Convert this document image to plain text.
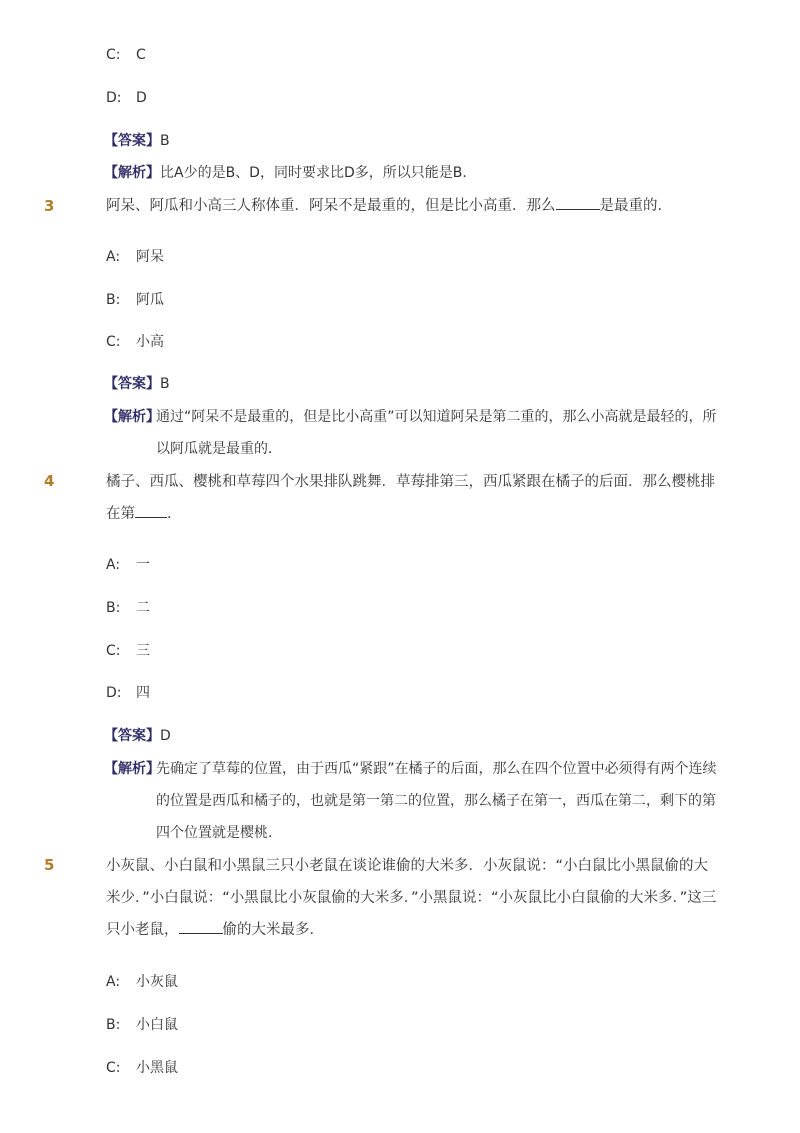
C: C
D: D
【答案】B
【解析】比A少的是B、D，同时要求比D多，所以只能是B．
3	阿呆、阿瓜和小高三人称体重．阿呆不是最重的，但是比小高重．那么	是最重的．
A: 阿呆
B: 阿瓜
C: 小高
【答案】B
【解析】
通过“阿呆不是最重的，但是比小高重”可以知道阿呆是第二重的，那么小高就是最轻的，所以阿瓜就是最重的．
4	橘子、西瓜、樱桃和草莓四个水果排队跳舞．草莓排第三，西瓜紧跟在橘子的后面．那么樱桃排在第 ．
A: 一
B: 二
C: 三
D: 四
【答案】D
【解析】
先确定了草莓的位置，由于西瓜“紧跟”在橘子的后面，那么在四个位置中必须得有两个连续的位置是西瓜和橘子的，也就是第一第二的位置，那么橘子在第一，西瓜在第二，剩下的第四个位置就是樱桃．
5	小灰鼠、小白鼠和小黑鼠三只小老鼠在谈论谁偷的大米多．小灰鼠说：“小白鼠比小黑鼠偷的大米少．”小白鼠说：“小黑鼠比小灰鼠偷的大米多．”小黑鼠说：“小灰鼠比小白鼠偷的大米多．”这三只小老鼠，	偷的大米最多．
A: 小灰鼠
B: 小白鼠
C: 小黑鼠
